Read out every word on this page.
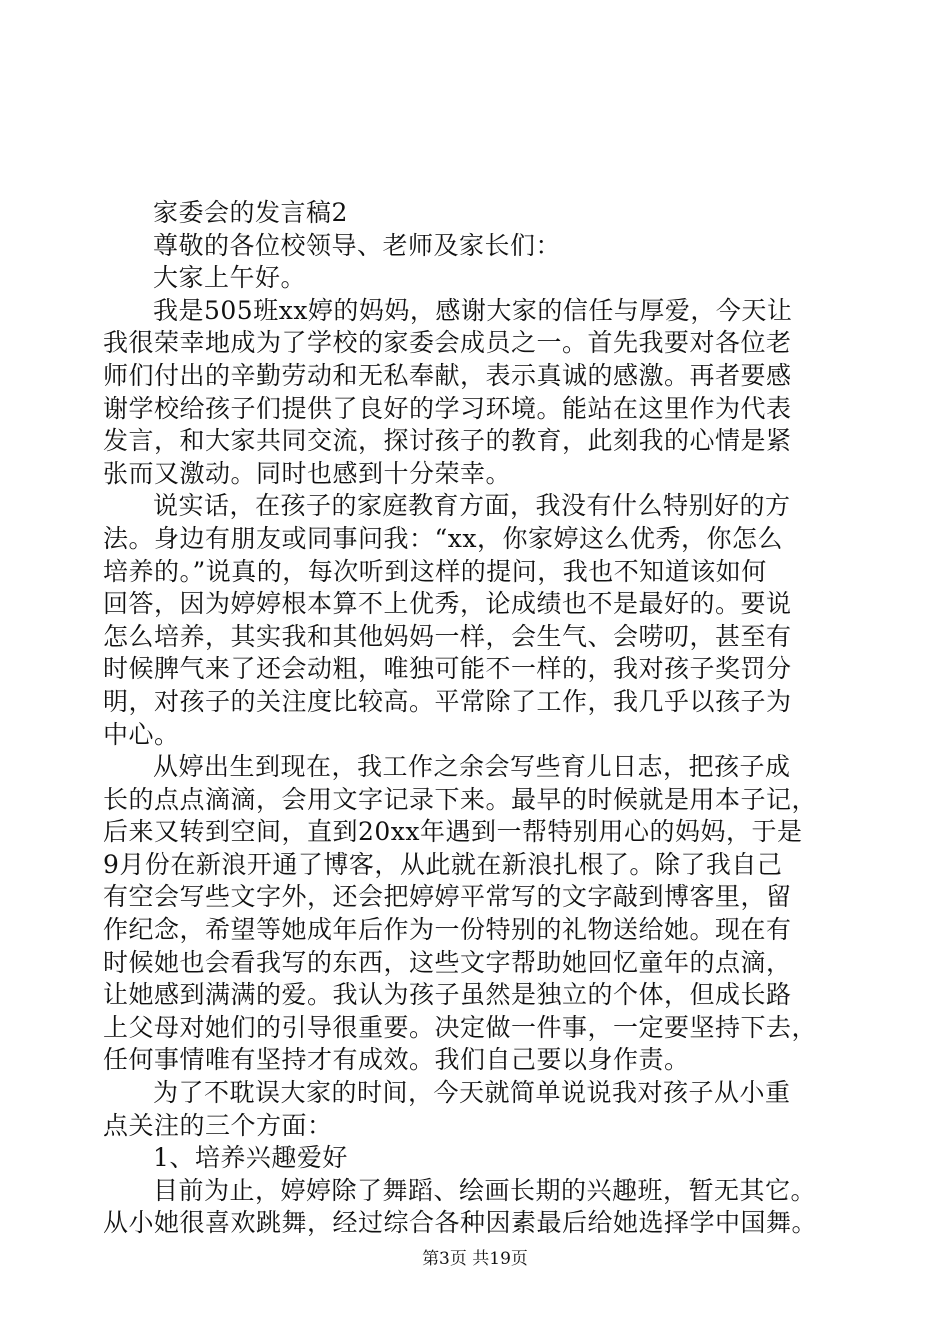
家委会的发言稿2

尊敬的各位校领导、老师及家长们：

大家上午好。

我是505班xx婷的妈妈，感谢大家的信任与厚爱，今天让
我很荣幸地成为了学校的家委会成员之一。首先我要对各位老
师们付出的辛勤劳动和无私奉献，表示真诚的感激。再者要感
谢学校给孩子们提供了良好的学习环境。能站在这里作为代表
发言，和大家共同交流，探讨孩子的教育，此刻我的心情是紧
张而又激动。同时也感到十分荣幸。

说实话，在孩子的家庭教育方面，我没有什么特别好的方
法。身边有朋友或同事问我：“xx，你家婷这么优秀，你怎么
培养的。”说真的，每次听到这样的提问，我也不知道该如何
回答，因为婷婷根本算不上优秀，论成绩也不是最好的。要说
怎么培养，其实我和其他妈妈一样，会生气、会唠叨，甚至有
时候脾气来了还会动粗，唯独可能不一样的，我对孩子奖罚分
明，对孩子的关注度比较高。平常除了工作，我几乎以孩子为
中心。

从婷出生到现在，我工作之余会写些育儿日志，把孩子成
长的点点滴滴，会用文字记录下来。最早的时候就是用本子记，
后来又转到空间，直到20xx年遇到一帮特别用心的妈妈，于是
9月份在新浪开通了博客，从此就在新浪扎根了。除了我自己
有空会写些文字外，还会把婷婷平常写的文字敲到博客里，留
作纪念，希望等她成年后作为一份特别的礼物送给她。现在有
时候她也会看我写的东西，这些文字帮助她回忆童年的点滴，
让她感到满满的爱。我认为孩子虽然是独立的个体，但成长路
上父母对她们的引导很重要。决定做一件事，一定要坚持下去，
任何事情唯有坚持才有成效。我们自己要以身作责。

为了不耽误大家的时间，今天就简单说说我对孩子从小重
点关注的三个方面：

1、培养兴趣爱好

目前为止，婷婷除了舞蹈、绘画长期的兴趣班，暂无其它。
从小她很喜欢跳舞，经过综合各种因素最后给她选择学中国舞。

第3页 共19页
